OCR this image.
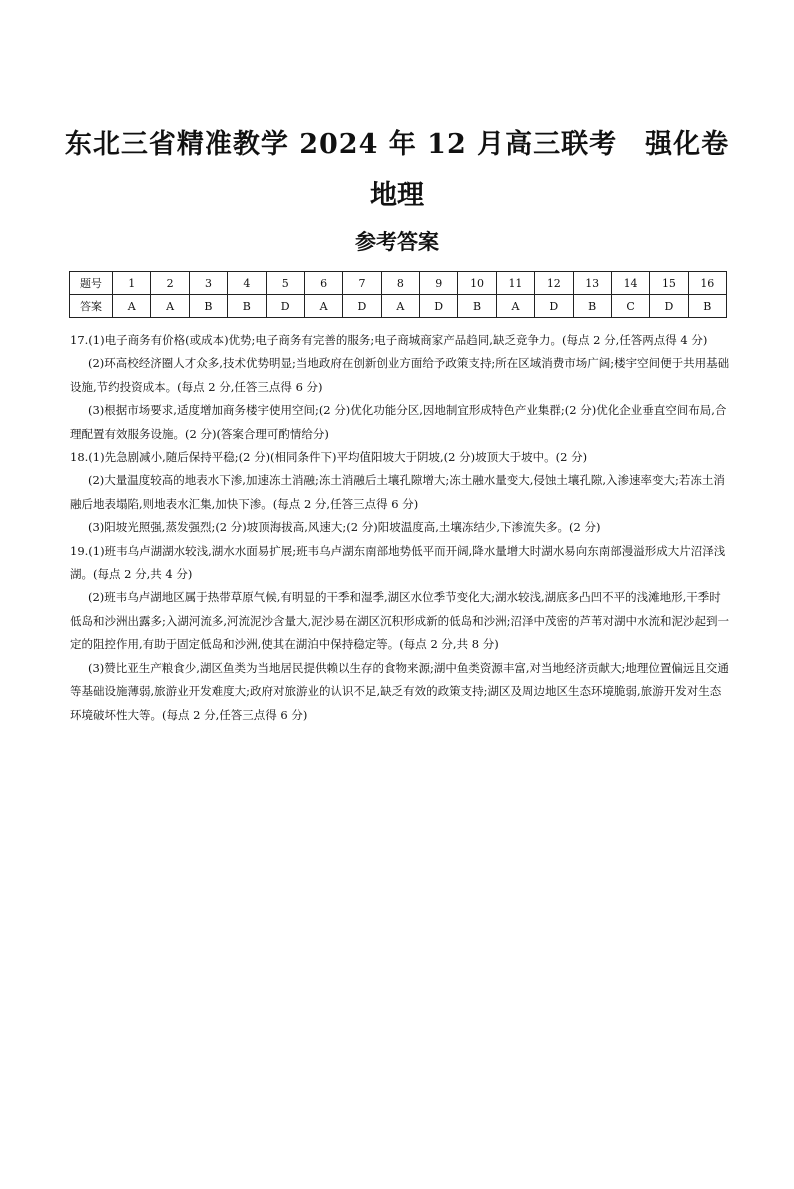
东北三省精准教学 2024 年 12 月高三联考　强化卷
地理
参考答案
题号	1	2	3	4	5	6	7	8	9	10	11	12	13	14	15	16
答案	A	A	B	B	D	A	D	A	D	B	A	D	B	C	D	B

17.(1)电子商务有价格(或成本)优势;电子商务有完善的服务;电子商城商家产品趋同,缺乏竞争力。(每点 2 分,任答两点得 4 分)

(2)环高校经济圈人才众多,技术优势明显;当地政府在创新创业方面给予政策支持;所在区域消费市场广阔;楼宇空间便于共用基础设施,节约投资成本。(每点 2 分,任答三点得 6 分)

(3)根据市场要求,适度增加商务楼宇使用空间;(2 分)优化功能分区,因地制宜形成特色产业集群;(2 分)优化企业垂直空间布局,合理配置有效服务设施。(2 分)(答案合理可酌情给分)

18.(1)先急剧减小,随后保持平稳;(2 分)(相同条件下)平均值阳坡大于阴坡,(2 分)坡顶大于坡中。(2 分)

(2)大量温度较高的地表水下渗,加速冻土消融;冻土消融后土壤孔隙增大;冻土融水量变大,侵蚀土壤孔隙,入渗速率变大;若冻土消融后地表塌陷,则地表水汇集,加快下渗。(每点 2 分,任答三点得 6 分)

(3)阳坡光照强,蒸发强烈;(2 分)坡顶海拔高,风速大;(2 分)阳坡温度高,土壤冻结少,下渗流失多。(2 分)

19.(1)班韦乌卢湖湖水较浅,湖水水面易扩展;班韦乌卢湖东南部地势低平而开阔,降水量增大时湖水易向东南部漫溢形成大片沼泽浅湖。(每点 2 分,共 4 分)

(2)班韦乌卢湖地区属于热带草原气候,有明显的干季和湿季,湖区水位季节变化大;湖水较浅,湖底多凸凹不平的浅滩地形,干季时低岛和沙洲出露多;入湖河流多,河流泥沙含量大,泥沙易在湖区沉积形成新的低岛和沙洲;沼泽中茂密的芦苇对湖中水流和泥沙起到一定的阻控作用,有助于固定低岛和沙洲,使其在湖泊中保持稳定等。(每点 2 分,共 8 分)

(3)赞比亚生产粮食少,湖区鱼类为当地居民提供赖以生存的食物来源;湖中鱼类资源丰富,对当地经济贡献大;地理位置偏远且交通等基础设施薄弱,旅游业开发难度大;政府对旅游业的认识不足,缺乏有效的政策支持;湖区及周边地区生态环境脆弱,旅游开发对生态环境破坏性大等。(每点 2 分,任答三点得 6 分)
